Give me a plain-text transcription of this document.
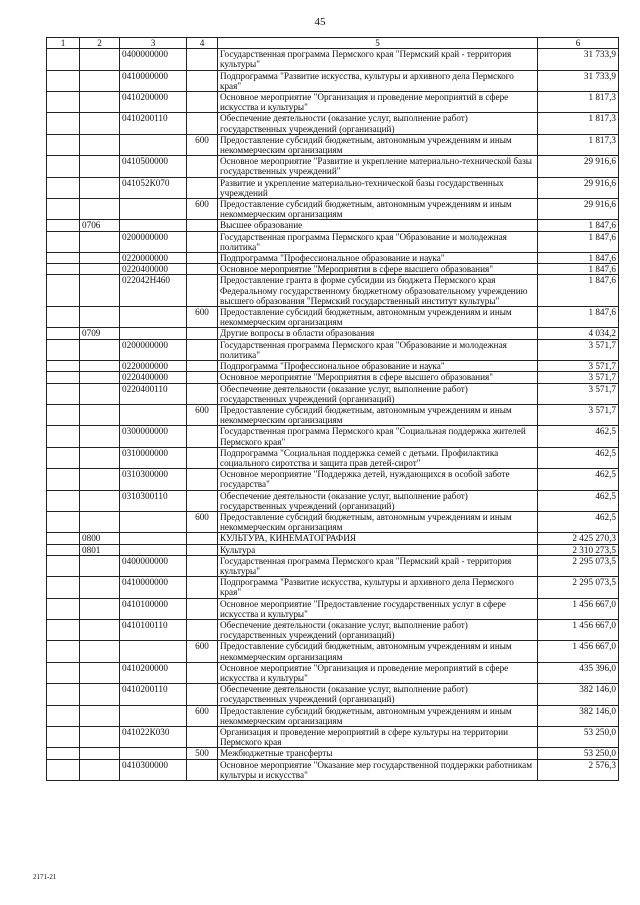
45
1	2	3	4	5	6
		0400000000		Государственная программа Пермского края "Пермский край - территория культуры"	31 733,9
		0410000000		Подпрограмма "Развитие искусства, культуры и архивного дела Пермского края"	31 733,9
		0410200000		Основное мероприятие "Организация и проведение мероприятий в сфере искусства и культуры"	1 817,3
		0410200110		Обеспечение деятельности (оказание услуг, выполнение работ) государственных учреждений (организаций)	1 817,3
			600	Предоставление субсидий бюджетным, автономным учреждениям и иным некоммерческим организациям	1 817,3
		0410500000		Основное мероприятие "Развитие и укрепление материально-технической базы государственных учреждений"	29 916,6
		041052К070		Развитие и укрепление материально-технической базы государственных учреждений	29 916,6
			600	Предоставление субсидий бюджетным, автономным учреждениям и иным некоммерческим организациям	29 916,6
	0706			Высшее образование	1 847,6
		0200000000		Государственная программа Пермского края "Образование и молодежная политика"	1 847,6
		0220000000		Подпрограмма "Профессиональное образование и наука"	1 847,6
		0220400000		Основное мероприятие "Мероприятия в сфере высшего образования"	1 847,6
		022042Н460		Предоставление гранта в форме субсидии из бюджета Пермского края Федеральному государственному бюджетному образовательному учреждению высшего образования "Пермский государственный институт культуры"	1 847,6
			600	Предоставление субсидий бюджетным, автономным учреждениям и иным некоммерческим организациям	1 847,6
	0709			Другие вопросы в области образования	4 034,2
		0200000000		Государственная программа Пермского края "Образование и молодежная политика"	3 571,7
		0220000000		Подпрограмма "Профессиональное образование и наука"	3 571,7
		0220400000		Основное мероприятие "Мероприятия в сфере высшего образования"	3 571,7
		0220400110		Обеспечение деятельности (оказание услуг, выполнение работ) государственных учреждений (организаций)	3 571,7
			600	Предоставление субсидий бюджетным, автономным учреждениям и иным некоммерческим организациям	3 571,7
		0300000000		Государственная программа Пермского края "Социальная поддержка жителей Пермского края"	462,5
		0310000000		Подпрограмма "Социальная поддержка семей с детьми. Профилактика социального сиротства и защита прав детей-сирот"	462,5
		0310300000		Основное мероприятие "Поддержка детей, нуждающихся в особой заботе государства"	462,5
		0310300110		Обеспечение деятельности (оказание услуг, выполнение работ) государственных учреждений (организаций)	462,5
			600	Предоставление субсидий бюджетным, автономным учреждениям и иным некоммерческим организациям	462,5
	0800			КУЛЬТУРА, КИНЕМАТОГРАФИЯ	2 425 270,3
	0801			Культура	2 310 273,5
		0400000000		Государственная программа Пермского края "Пермский край - территория культуры"	2 295 073,5
		0410000000		Подпрограмма "Развитие искусства, культуры и архивного дела Пермского края"	2 295 073,5
		0410100000		Основное мероприятие "Предоставление государственных услуг в сфере искусства и культуры"	1 456 667,0
		0410100110		Обеспечение деятельности (оказание услуг, выполнение работ) государственных учреждений (организаций)	1 456 667,0
			600	Предоставление субсидий бюджетным, автономным учреждениям и иным некоммерческим организациям	1 456 667,0
		0410200000		Основное мероприятие "Организация и проведение мероприятий в сфере искусства и культуры"	435 396,0
		0410200110		Обеспечение деятельности (оказание услуг, выполнение работ) государственных учреждений (организаций)	382 146,0
			600	Предоставление субсидий бюджетным, автономным учреждениям и иным некоммерческим организациям	382 146,0
		041022К030		Организация и проведение мероприятий в сфере культуры на территории Пермского края	53 250,0
			500	Межбюджетные трансферты	53 250,0
		0410300000		Основное мероприятие "Оказание мер государственной поддержки работникам культуры и искусства"	2 576,3
2171-21
